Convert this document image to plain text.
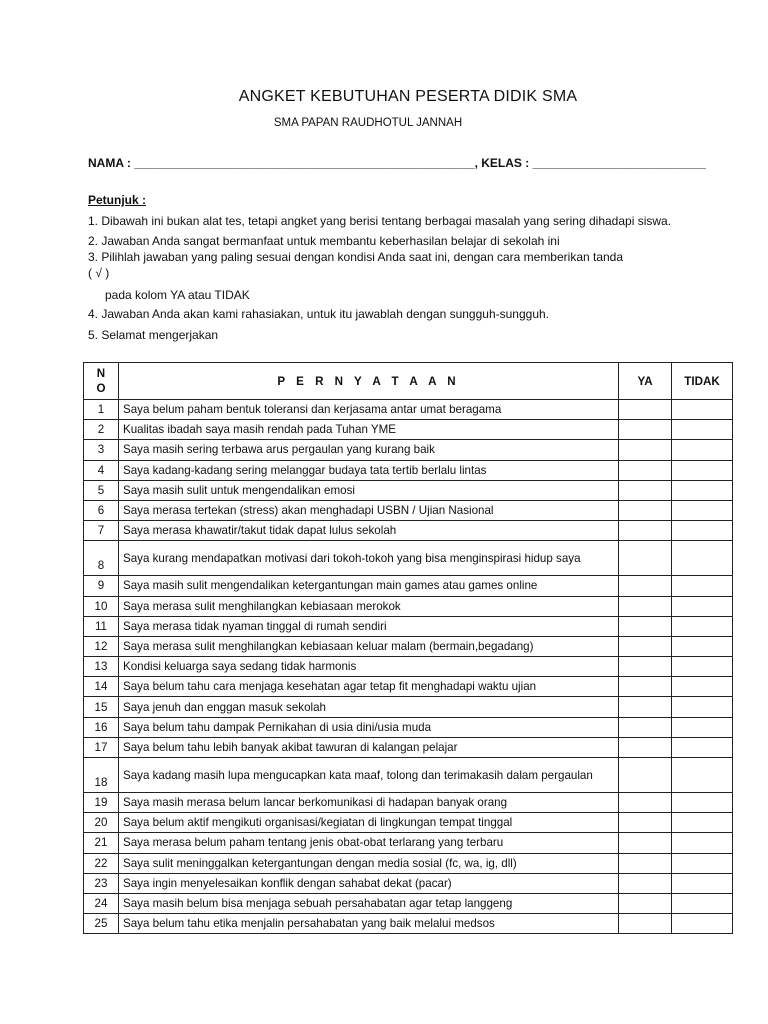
ANGKET KEBUTUHAN PESERTA DIDIK SMA
SMA PAPAN RAUDHOTUL JANNAH
NAMA : ___________________________________________________, KELAS : __________________________
Petunjuk :
1. Dibawah ini bukan alat tes, tetapi angket yang berisi tentang berbagai masalah yang sering dihadapi siswa.
2. Jawaban Anda sangat bermanfaat untuk membantu keberhasilan belajar di sekolah ini
3. Pilihlah jawaban yang paling sesuai dengan kondisi Anda saat ini, dengan cara memberikan tanda
( √ )
pada kolom YA atau TIDAK
4. Jawaban Anda akan kami rahasiakan, untuk itu jawablah dengan sungguh-sungguh.
5. Selamat mengerjakan
N
O	P E R N Y A T A A N	YA	TIDAK
1	Saya belum paham bentuk toleransi dan kerjasama antar umat beragama		
2	Kualitas ibadah saya masih rendah pada Tuhan YME		
3	Saya masih sering terbawa arus pergaulan yang kurang baik		
4	Saya kadang-kadang sering melanggar budaya tata tertib berlalu lintas		
5	Saya masih sulit untuk mengendalikan emosi		
6	Saya merasa tertekan (stress) akan menghadapi USBN / Ujian Nasional		
7	Saya merasa khawatir/takut tidak dapat lulus sekolah		
8	Saya kurang mendapatkan motivasi dari tokoh-tokoh yang bisa menginspirasi hidup saya		
9	Saya masih sulit mengendalikan ketergantungan main games atau games online		
10	Saya merasa sulit menghilangkan kebiasaan merokok		
11	Saya merasa tidak nyaman tinggal di rumah sendiri		
12	Saya merasa sulit menghilangkan kebiasaan keluar malam (bermain,begadang)		
13	Kondisi keluarga saya sedang tidak harmonis		
14	Saya belum tahu cara menjaga kesehatan agar tetap fit menghadapi waktu ujian		
15	Saya jenuh dan enggan masuk sekolah		
16	Saya belum tahu dampak Pernikahan di usia dini/usia muda		
17	Saya belum tahu lebih banyak akibat tawuran di kalangan pelajar		
18	Saya kadang masih lupa mengucapkan kata maaf, tolong dan terimakasih dalam pergaulan		
19	Saya masih merasa belum lancar berkomunikasi di hadapan banyak orang		
20	Saya belum aktif mengikuti organisasi/kegiatan di lingkungan tempat tinggal		
21	Saya merasa belum paham tentang jenis obat-obat terlarang yang terbaru		
22	Saya sulit meninggalkan ketergantungan dengan media sosial (fc, wa, ig, dll)		
23	Saya ingin menyelesaikan konflik dengan sahabat dekat (pacar)		
24	Saya masih belum bisa menjaga sebuah persahabatan agar tetap langgeng		
25	Saya belum tahu etika menjalin persahabatan yang baik melalui medsos		
